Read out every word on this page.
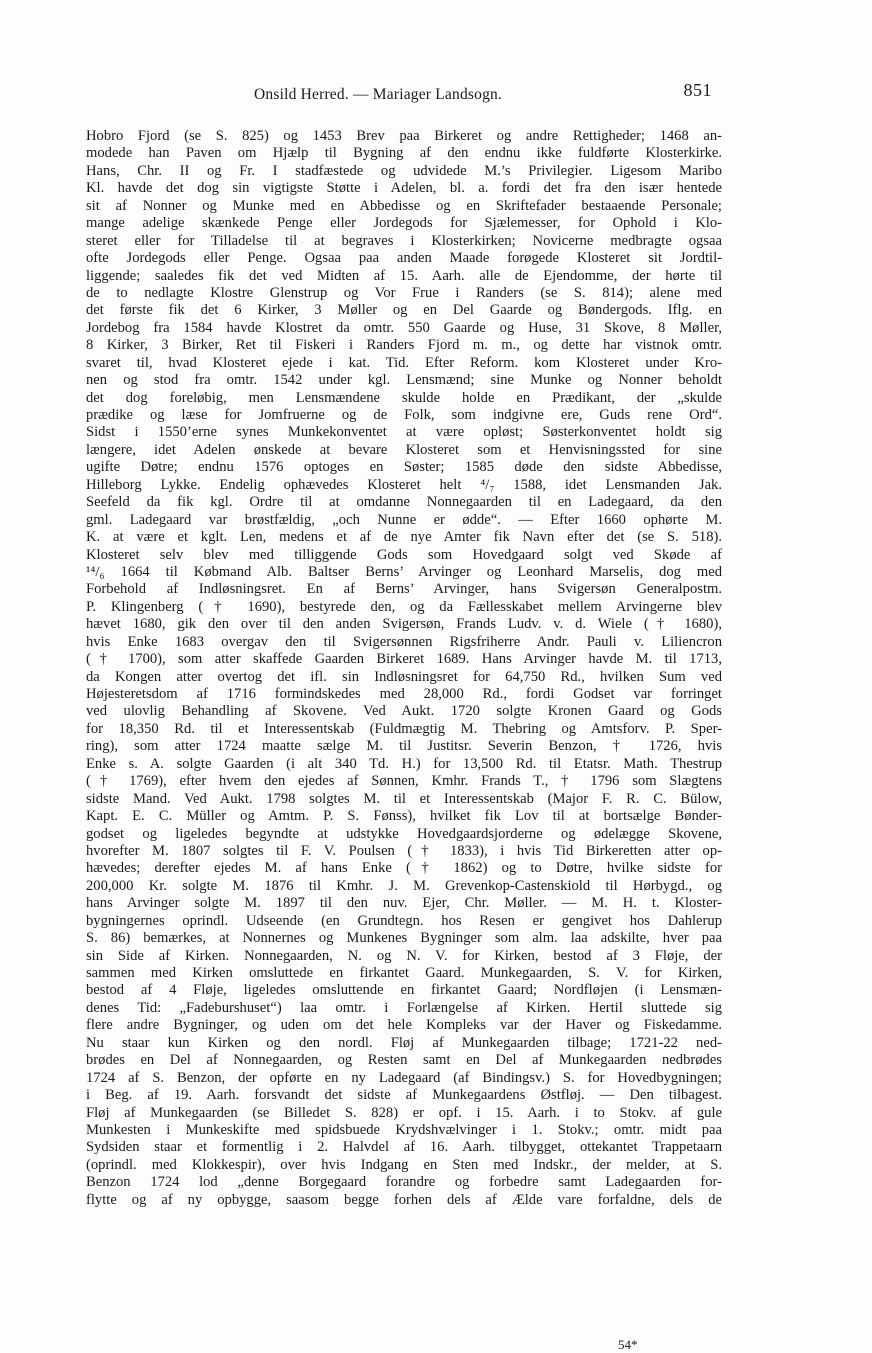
Onsild Herred. — Mariager Landsogn.	851
Hobro Fjord (se S. 825) og 1453 Brev paa Birkeret og andre Rettigheder; 1468 an-
modede han Paven om Hjælp til Bygning af den endnu ikke fuldførte Klosterkirke.
Hans, Chr. II og Fr. I stadfæstede og udvidede M.’s Privilegier. Ligesom Maribo
Kl. havde det dog sin vigtigste Støtte i Adelen, bl. a. fordi det fra den især hentede
sit af Nonner og Munke med en Abbedisse og en Skriftefader bestaaende Personale;
mange adelige skænkede Penge eller Jordegods for Sjælemesser, for Ophold i Klo-
steret eller for Tilladelse til at begraves i Klosterkirken; Novicerne medbragte ogsaa
ofte Jordegods eller Penge. Ogsaa paa anden Maade forøgede Klosteret sit Jordtil-
liggende; saaledes fik det ved Midten af 15. Aarh. alle de Ejendomme, der hørte til
de to nedlagte Klostre Glenstrup og Vor Frue i Randers (se S. 814); alene med
det første fik det 6 Kirker, 3 Møller og en Del Gaarde og Bøndergods. Iflg. en
Jordebog fra 1584 havde Klostret da omtr. 550 Gaarde og Huse, 31 Skove, 8 Møller,
8 Kirker, 3 Birker, Ret til Fiskeri i Randers Fjord m. m., og dette har vistnok omtr.
svaret til, hvad Klosteret ejede i kat. Tid. Efter Reform. kom Klosteret under Kro-
nen og stod fra omtr. 1542 under kgl. Lensmænd; sine Munke og Nonner beholdt
det dog foreløbig, men Lensmændene skulde holde en Prædikant, der „skulde
prædike og læse for Jomfruerne og de Folk, som indgivne ere, Guds rene Ord“.
Sidst i 1550’erne synes Munkekonventet at være opløst; Søsterkonventet holdt sig
længere, idet Adelen ønskede at bevare Klosteret som et Henvisningssted for sine
ugifte Døtre; endnu 1576 optoges en Søster; 1585 døde den sidste Abbedisse,
Hilleborg Lykke. Endelig ophævedes Klosteret helt ⁴/₇ 1588, idet Lensmanden Jak.
Seefeld da fik kgl. Ordre til at omdanne Nonnegaarden til en Ladegaard, da den
gml. Ladegaard var brøstfældig, „och Nunne er ødde“. — Efter 1660 ophørte M.
K. at være et kglt. Len, medens et af de nye Amter fik Navn efter det (se S. 518).
Klosteret selv blev med tilliggende Gods som Hovedgaard solgt ved Skøde af
¹⁴/₆ 1664 til Købmand Alb. Baltser Berns’ Arvinger og Leonhard Marselis, dog med
Forbehold af Indløsningsret. En af Berns’ Arvinger, hans Svigersøn Generalpostm.
P. Klingenberg († 1690), bestyrede den, og da Fællesskabet mellem Arvingerne blev
hævet 1680, gik den over til den anden Svigersøn, Frands Ludv. v. d. Wiele († 1680),
hvis Enke 1683 overgav den til Svigersønnen Rigsfriherre Andr. Pauli v. Liliencron
(† 1700), som atter skaffede Gaarden Birkeret 1689. Hans Arvinger havde M. til 1713,
da Kongen atter overtog det ifl. sin Indløsningsret for 64,750 Rd., hvilken Sum ved
Højesteretsdom af 1716 formindskedes med 28,000 Rd., fordi Godset var forringet
ved ulovlig Behandling af Skovene. Ved Aukt. 1720 solgte Kronen Gaard og Gods
for 18,350 Rd. til et Interessentskab (Fuldmægtig M. Thebring og Amtsforv. P. Sper-
ring), som atter 1724 maatte sælge M. til Justitsr. Severin Benzon, † 1726, hvis
Enke s. A. solgte Gaarden (i alt 340 Td. H.) for 13,500 Rd. til Etatsr. Math. Thestrup
(† 1769), efter hvem den ejedes af Sønnen, Kmhr. Frands T., † 1796 som Slægtens
sidste Mand. Ved Aukt. 1798 solgtes M. til et Interessentskab (Major F. R. C. Bülow,
Kapt. E. C. Müller og Amtm. P. S. Fønss), hvilket fik Lov til at bortsælge Bønder-
godset og ligeledes begyndte at udstykke Hovedgaardsjorderne og ødelægge Skovene,
hvorefter M. 1807 solgtes til F. V. Poulsen († 1833), i hvis Tid Birkeretten atter op-
hævedes; derefter ejedes M. af hans Enke († 1862) og to Døtre, hvilke sidste for
200,000 Kr. solgte M. 1876 til Kmhr. J. M. Grevenkop-Castenskiold til Hørbygd., og
hans Arvinger solgte M. 1897 til den nuv. Ejer, Chr. Møller. — M. H. t. Kloster-
bygningernes oprindl. Udseende (en Grundtegn. hos Resen er gengivet hos Dahlerup
S. 86) bemærkes, at Nonnernes og Munkenes Bygninger som alm. laa adskilte, hver paa
sin Side af Kirken. Nonnegaarden, N. og N. V. for Kirken, bestod af 3 Fløje, der
sammen med Kirken omsluttede en firkantet Gaard. Munkegaarden, S. V. for Kirken,
bestod af 4 Fløje, ligeledes omsluttende en firkantet Gaard; Nordfløjen (i Lensmæn-
denes Tid: „Fadeburshuset“) laa omtr. i Forlængelse af Kirken. Hertil sluttede sig
flere andre Bygninger, og uden om det hele Kompleks var der Haver og Fiskedamme.
Nu staar kun Kirken og den nordl. Fløj af Munkegaarden tilbage; 1721-22 ned-
brødes en Del af Nonnegaarden, og Resten samt en Del af Munkegaarden nedbrødes
1724 af S. Benzon, der opførte en ny Ladegaard (af Bindingsv.) S. for Hovedbygningen;
i Beg. af 19. Aarh. forsvandt det sidste af Munkegaardens Østfløj. — Den tilbagest.
Fløj af Munkegaarden (se Billedet S. 828) er opf. i 15. Aarh. i to Stokv. af gule
Munkesten i Munkeskifte med spidsbuede Krydshvælvinger i 1. Stokv.; omtr. midt paa
Sydsiden staar et formentlig i 2. Halvdel af 16. Aarh. tilbygget, ottekantet Trappetaarn
(oprindl. med Klokkespir), over hvis Indgang en Sten med Indskr., der melder, at S.
Benzon 1724 lod „denne Borgegaard forandre og forbedre samt Ladegaarden for-
flytte og af ny opbygge, saasom begge forhen dels af Ælde vare forfaldne, dels de
54*
